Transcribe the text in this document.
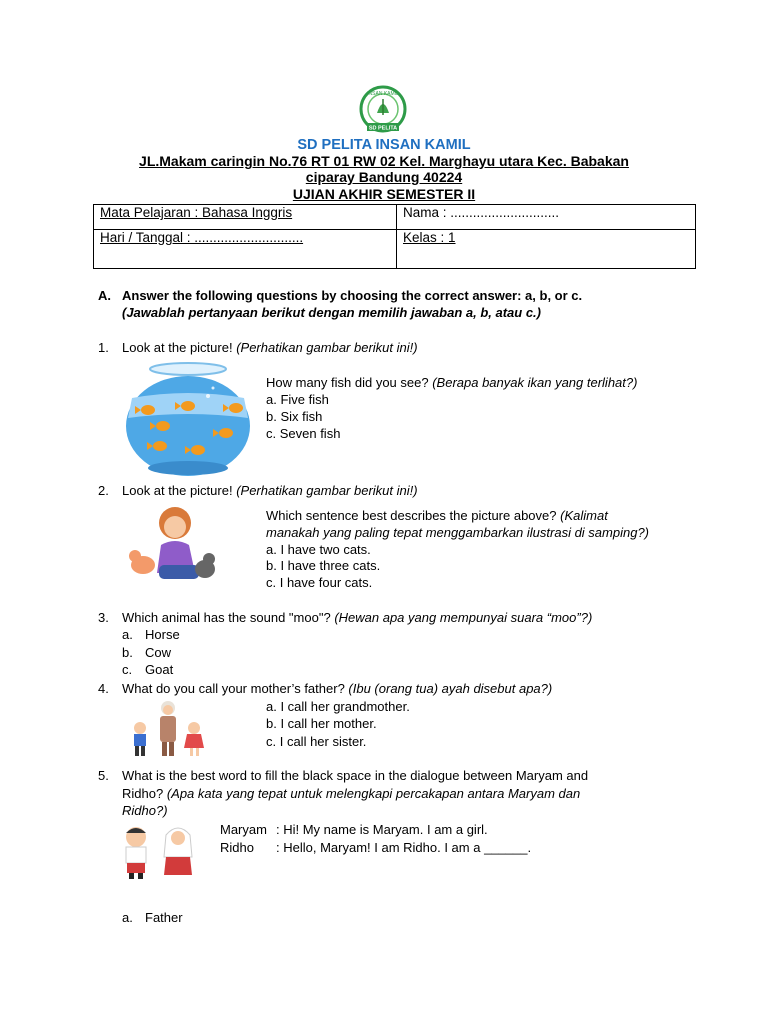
INSAN KAMIL
SD PELITA
SD PELITA INSAN KAMIL
JL.Makam caringin No.76 RT 01 RW 02 Kel. Marghayu utara Kec. Babakan
ciparay Bandung 40224
UJIAN AKHIR SEMESTER II
Mata Pelajaran : Bahasa Inggris	Nama : .............................
Hari / Tanggal : .............................	Kelas : 1
A. Answer the following questions by choosing the correct answer: a, b, or c.
(Jawablah pertanyaan berikut dengan memilih jawaban a, b, atau c.)
1. Look at the picture! (Perhatikan gambar berikut ini!)
How many fish did you see? (Berapa banyak ikan yang terlihat?)
a. Five fish
b. Six fish
c. Seven fish
2. Look at the picture! (Perhatikan gambar berikut ini!)
Which sentence best describes the picture above? (Kalimat
manakah yang paling tepat menggambarkan ilustrasi di samping?)
a. I have two cats.
b. I have three cats.
c. I have four cats.
3. Which animal has the sound "moo"? (Hewan apa yang mempunyai suara “moo”?)
a. Horse
b. Cow
c. Goat
4. What do you call your mother’s father? (Ibu (orang tua) ayah disebut apa?)
a. I call her grandmother.
b. I call her mother.
c. I call her sister.
5. What is the best word to fill the black space in the dialogue between Maryam and
Ridho? (Apa kata yang tepat untuk melengkapi percakapan antara Maryam dan
Ridho?)
Maryam : Hi! My name is Maryam. I am a girl.
Ridho : Hello, Maryam! I am Ridho. I am a ______.
a. Father
